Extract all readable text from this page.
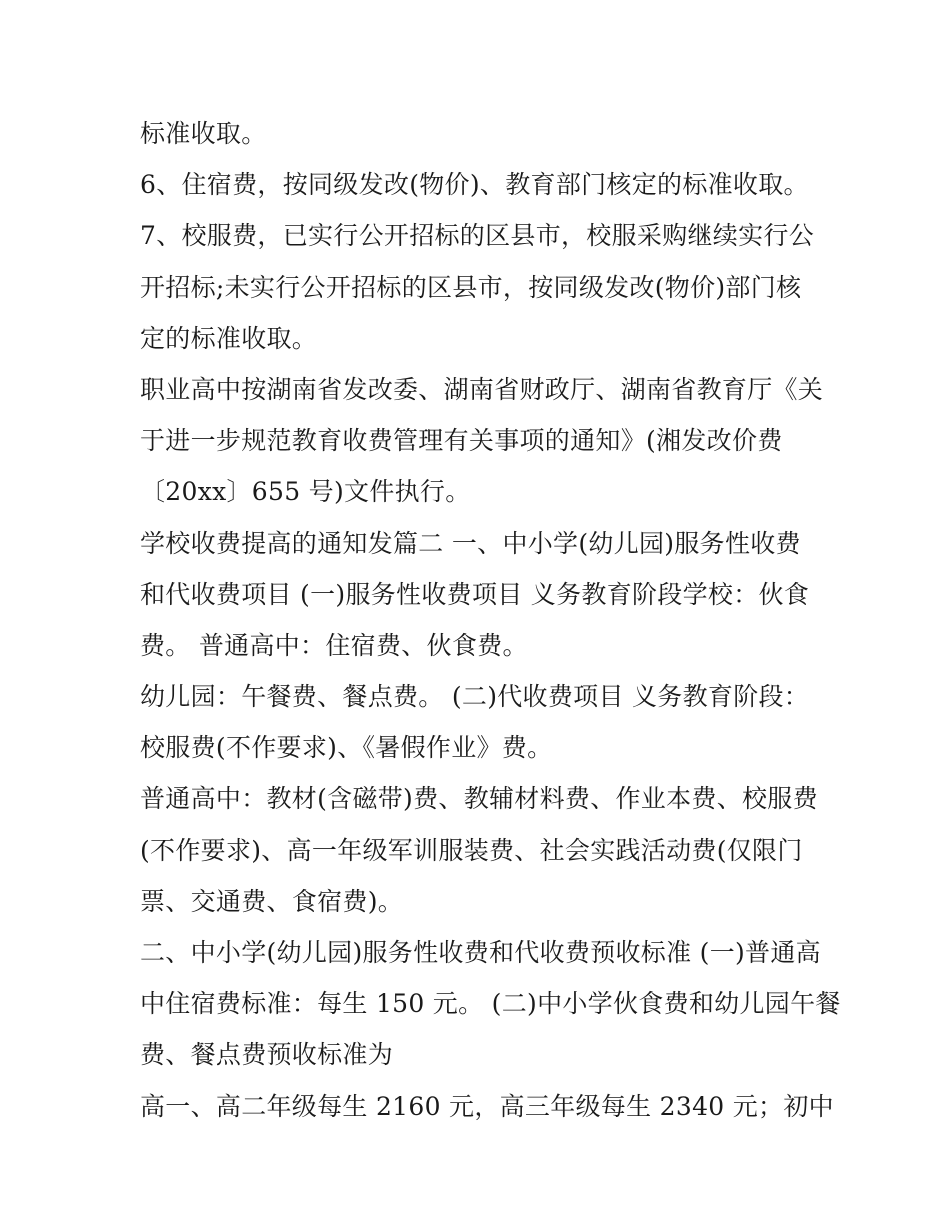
标准收取。
6、住宿费，按同级发改(物价)、教育部门核定的标准收取。
7、校服费，已实行公开招标的区县市，校服采购继续实行公
开招标;未实行公开招标的区县市，按同级发改(物价)部门核
定的标准收取。
职业高中按湖南省发改委、湖南省财政厅、湖南省教育厅《关
于进一步规范教育收费管理有关事项的通知》(湘发改价费
〔20xx〕655 号)文件执行。
学校收费提高的通知发篇二 一、中小学(幼儿园)服务性收费
和代收费项目 (一)服务性收费项目 义务教育阶段学校：伙食
费。 普通高中：住宿费、伙食费。
幼儿园：午餐费、餐点费。 (二)代收费项目 义务教育阶段：
校服费(不作要求)、《暑假作业》费。
普通高中：教材(含磁带)费、教辅材料费、作业本费、校服费
(不作要求)、高一年级军训服装费、社会实践活动费(仅限门
票、交通费、食宿费)。
二、中小学(幼儿园)服务性收费和代收费预收标准 (一)普通高
中住宿费标准：每生 150 元。 (二)中小学伙食费和幼儿园午餐
费、餐点费预收标准为
高一、高二年级每生 2160 元，高三年级每生 2340 元；初中
